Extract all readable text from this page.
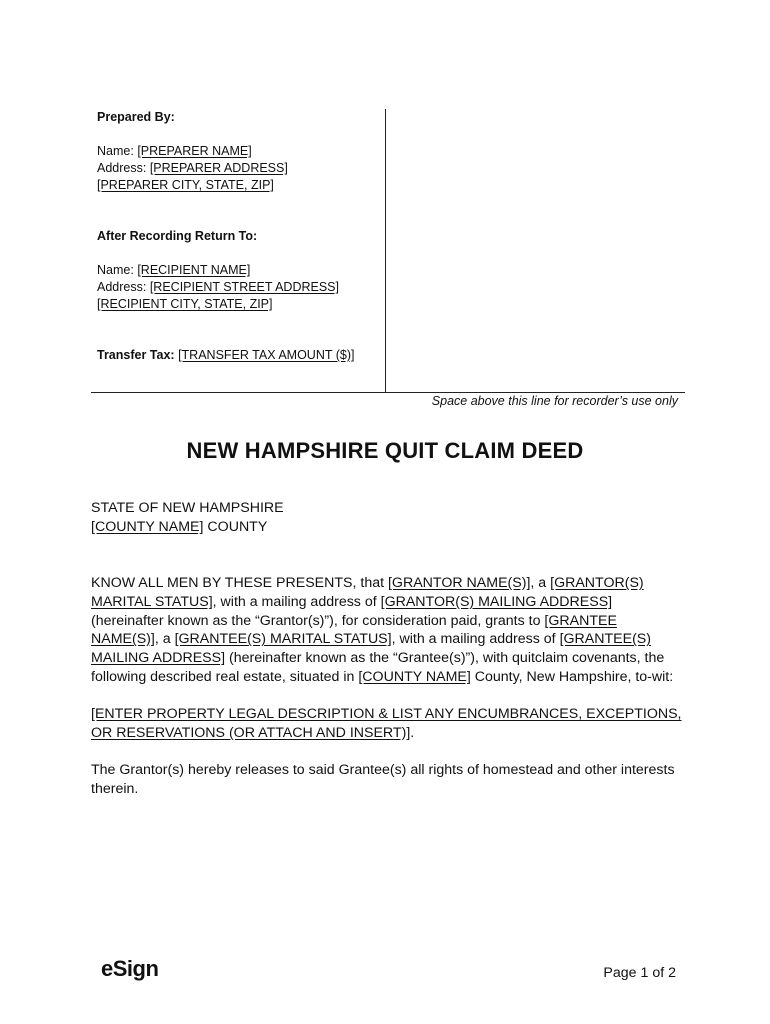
Prepared By:
Name: [PREPARER NAME]
Address: [PREPARER ADDRESS]
[PREPARER CITY, STATE, ZIP]
After Recording Return To:
Name: [RECIPIENT NAME]
Address: [RECIPIENT STREET ADDRESS]
[RECIPIENT CITY, STATE, ZIP]
Transfer Tax: [TRANSFER TAX AMOUNT ($)]
Space above this line for recorder’s use only
NEW HAMPSHIRE QUIT CLAIM DEED
STATE OF NEW HAMPSHIRE
[COUNTY NAME] COUNTY
KNOW ALL MEN BY THESE PRESENTS, that [GRANTOR NAME(S)], a [GRANTOR(S) MARITAL STATUS], with a mailing address of [GRANTOR(S) MAILING ADDRESS] (hereinafter known as the “Grantor(s)”), for consideration paid, grants to [GRANTEE NAME(S)], a [GRANTEE(S) MARITAL STATUS], with a mailing address of [GRANTEE(S) MAILING ADDRESS] (hereinafter known as the “Grantee(s)”), with quitclaim covenants, the following described real estate, situated in [COUNTY NAME] County, New Hampshire, to-wit:
[ENTER PROPERTY LEGAL DESCRIPTION & LIST ANY ENCUMBRANCES, EXCEPTIONS, OR RESERVATIONS (OR ATTACH AND INSERT)].
The Grantor(s) hereby releases to said Grantee(s) all rights of homestead and other interests therein.
eSign	Page 1 of 2
